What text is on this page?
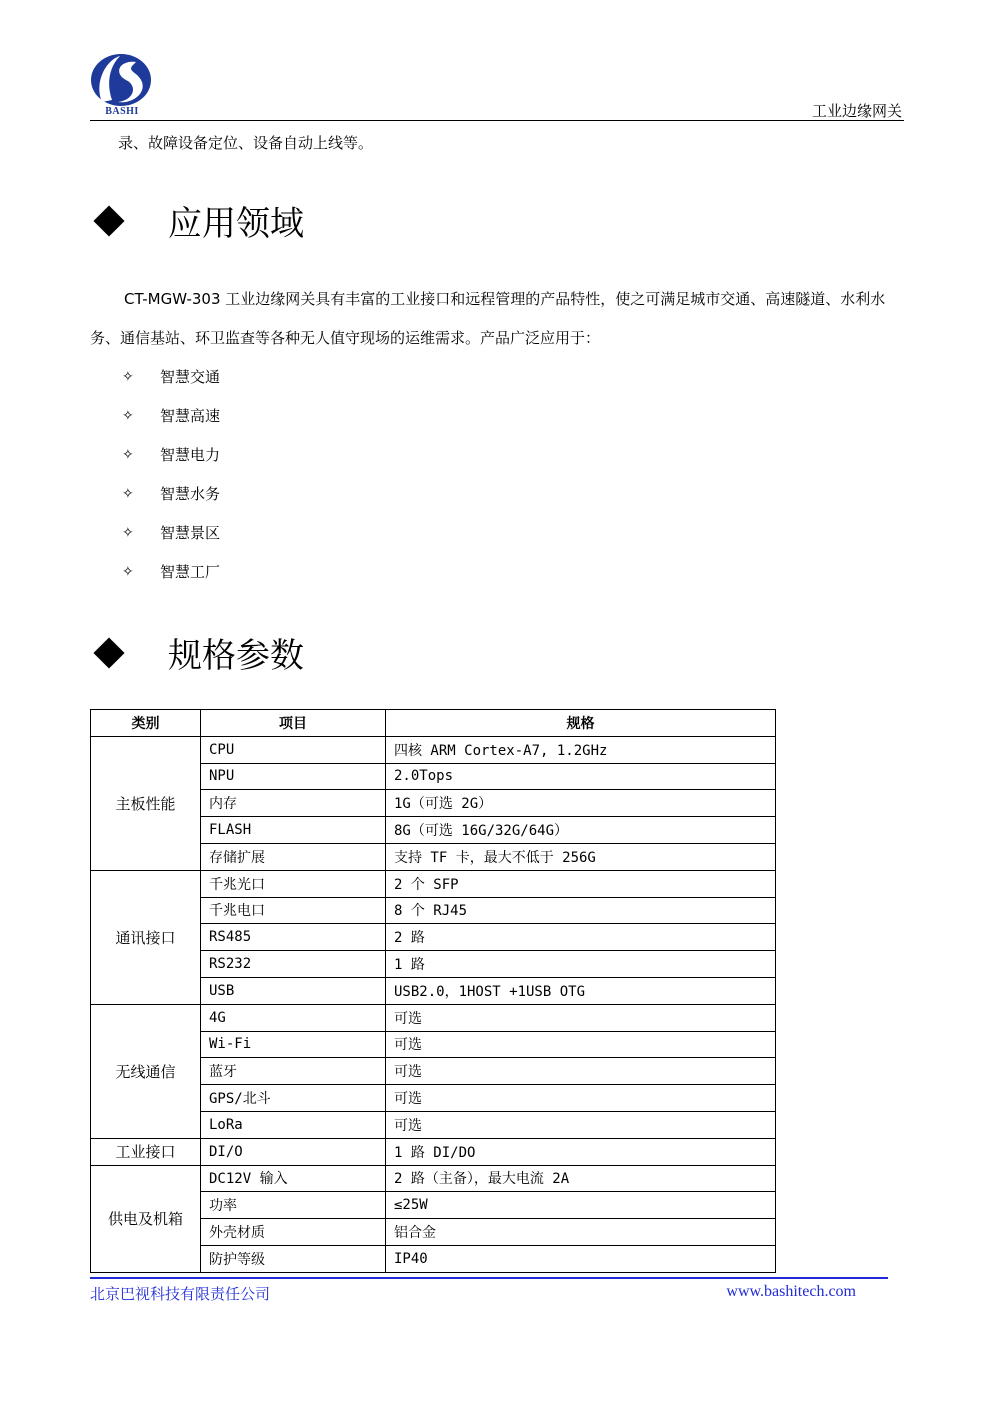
BASHI	工业边缘网关
录、故障设备定位、设备自动上线等。
应用领域
CT-MGW-303 工业边缘网关具有丰富的工业接口和远程管理的产品特性，使之可满足城市交通、高速隧道、水利水务、通信基站、环卫监查等各种无人值守现场的运维需求。产品广泛应用于：
✧	智慧交通
✧	智慧高速
✧	智慧电力
✧	智慧水务
✧	智慧景区
✧	智慧工厂
规格参数
类别	项目	规格
主板性能	CPU	四核 ARM Cortex-A7, 1.2GHz
	NPU	2.0Tops
	内存	1G（可选 2G）
	FLASH	8G（可选 16G/32G/64G）
	存储扩展	支持 TF 卡，最大不低于 256G
通讯接口	千兆光口	2 个 SFP
	千兆电口	8 个 RJ45
	RS485	2 路
	RS232	1 路
	USB	USB2.0，1HOST +1USB OTG
无线通信	4G	可选
	Wi-Fi	可选
	蓝牙	可选
	GPS/北斗	可选
	LoRa	可选
工业接口	DI/O	1 路 DI/DO
供电及机箱	DC12V 输入	2 路（主备），最大电流 2A
	功率	≤25W
	外壳材质	铝合金
	防护等级	IP40
北京巴视科技有限责任公司	www.bashitech.com
